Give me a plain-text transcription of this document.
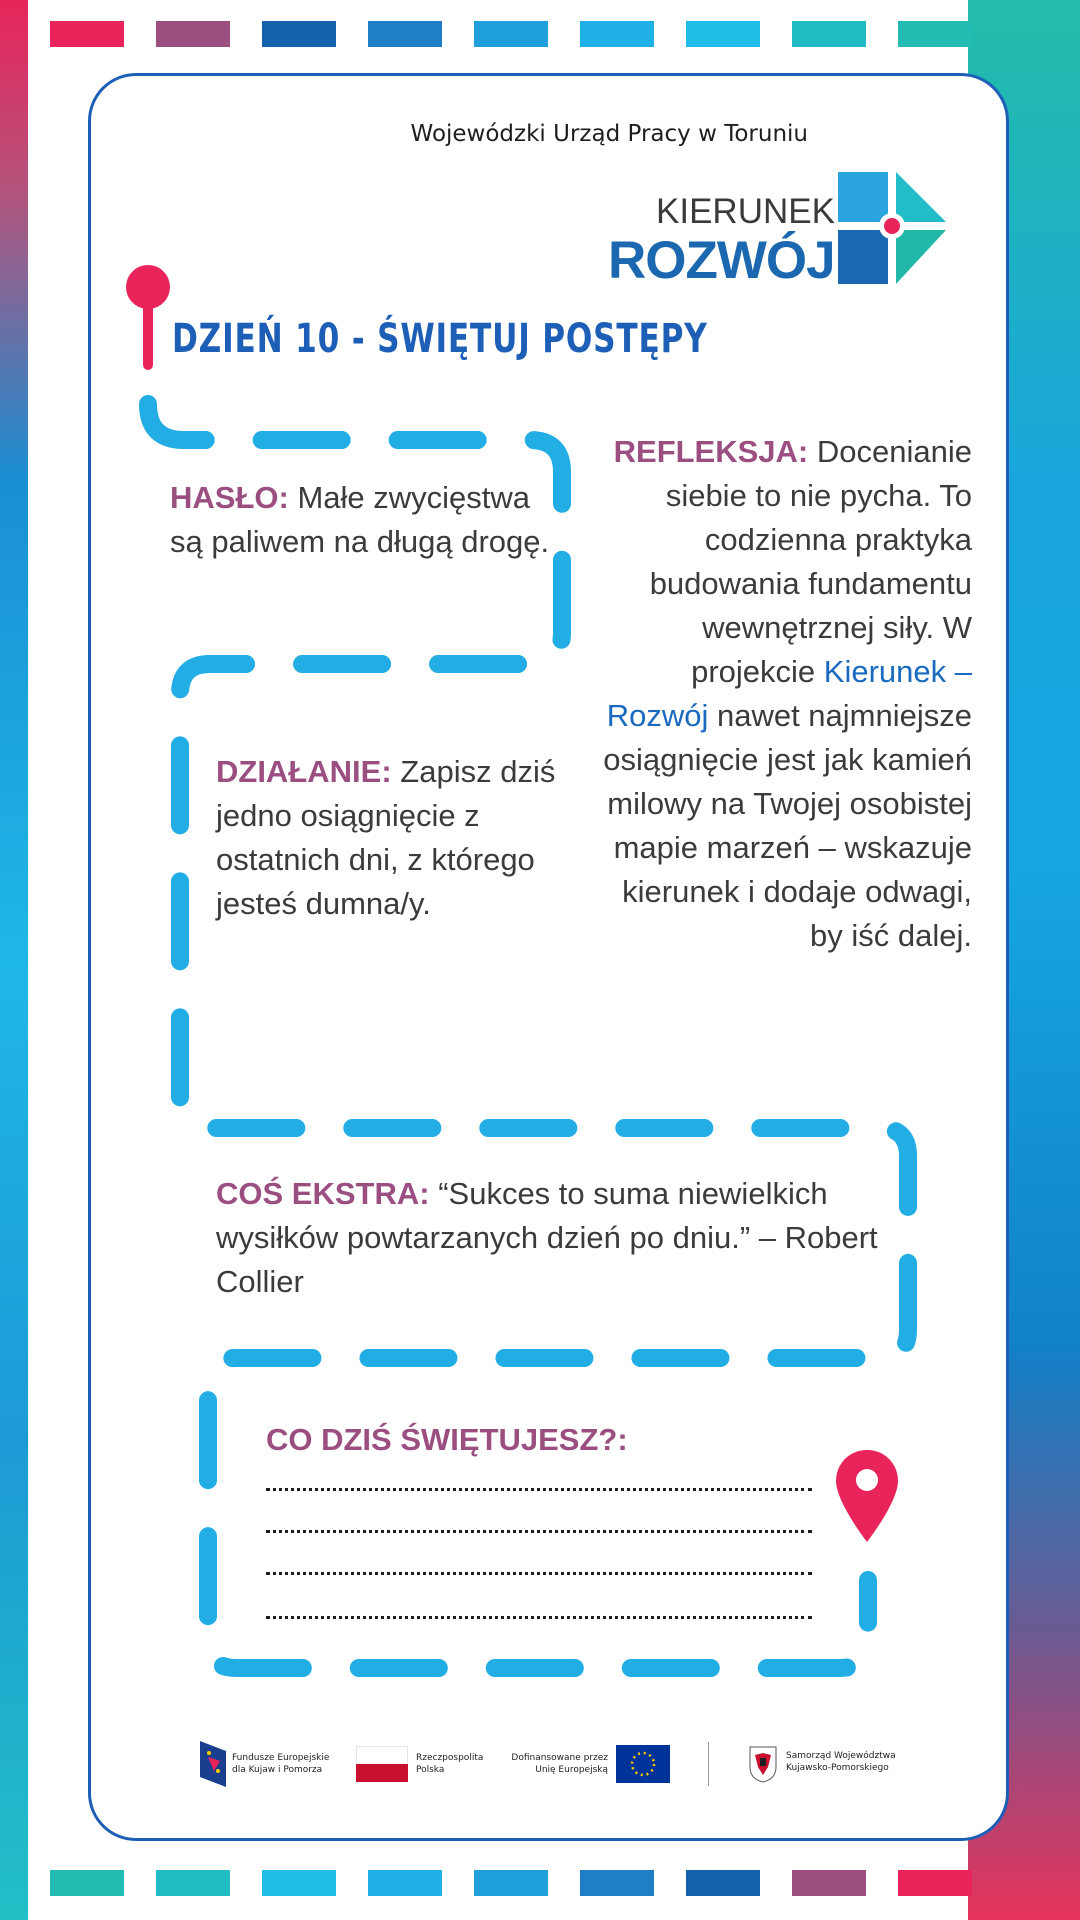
Wojewódzki Urząd Pracy w Toruniu
KIERUNEK
ROZWÓJ
DZIEŃ 10 - ŚWIĘTUJ POSTĘPY
HASŁO: Małe zwycięstwa są paliwem na długą drogę.
REFLEKSJA: Docenianie siebie to nie pycha. To codzienna praktyka budowania fundamentu wewnętrznej siły. W projekcie Kierunek – Rozwój nawet najmniejsze osiągnięcie jest jak kamień milowy na Twojej osobistej mapie marzeń – wskazuje kierunek i dodaje odwagi, by iść dalej.
DZIAŁANIE: Zapisz dziś jedno osiągnięcie z ostatnich dni, z którego jesteś dumna/y.
COŚ EKSTRA: “Sukces to suma niewielkich wysiłków powtarzanych dzień po dniu.” – Robert Collier
CO DZIŚ ŚWIĘTUJESZ?:
Fundusze Europejskie dla Kujaw i Pomorza
Rzeczpospolita Polska
Dofinansowane przez Unię Europejską
Samorząd Województwa Kujawsko-Pomorskiego
